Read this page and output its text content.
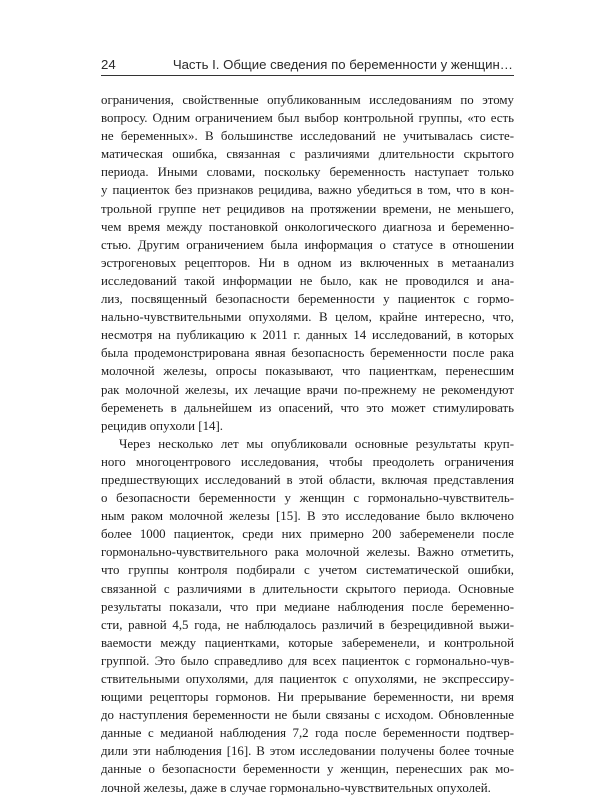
24	Часть I. Общие сведения по беременности у женщин…
ограничения, свойственные опубликованным исследованиям по этому
вопросу. Одним ограничением был выбор контрольной группы, «то есть
не беременных». В большинстве исследований не учитывалась систе-
матическая ошибка, связанная с различиями длительности скрытого
периода. Иными словами, поскольку беременность наступает только
у пациенток без признаков рецидива, важно убедиться в том, что в кон-
трольной группе нет рецидивов на протяжении времени, не меньшего,
чем время между постановкой онкологического диагноза и беременно-
стью. Другим ограничением была информация о статусе в отношении
эстрогеновых рецепторов. Ни в одном из включенных в метаанализ
исследований такой информации не было, как не проводился и ана-
лиз, посвященный безопасности беременности у пациенток с гормо-
нально-чувствительными опухолями. В целом, крайне интересно, что,
несмотря на публикацию к 2011 г. данных 14 исследований, в которых
была продемонстрирована явная безопасность беременности после рака
молочной железы, опросы показывают, что пациенткам, перенесшим
рак молочной железы, их лечащие врачи по-прежнему не рекомендуют
беременеть в дальнейшем из опасений, что это может стимулировать
рецидив опухоли [14].
Через несколько лет мы опубликовали основные результаты круп-
ного многоцентрового исследования, чтобы преодолеть ограничения
предшествующих исследований в этой области, включая представления
о безопасности беременности у женщин с гормонально-чувствитель-
ным раком молочной железы [15]. В это исследование было включено
более 1000 пациенток, среди них примерно 200 забеременели после
гормонально-чувствительного рака молочной железы. Важно отметить,
что группы контроля подбирали с учетом систематической ошибки,
связанной с различиями в длительности скрытого периода. Основные
результаты показали, что при медиане наблюдения после беременно-
сти, равной 4,5 года, не наблюдалось различий в безрецидивной выжи-
ваемости между пациентками, которые забеременели, и контрольной
группой. Это было справедливо для всех пациенток с гормонально-чув-
ствительными опухолями, для пациенток с опухолями, не экспрессиру-
ющими рецепторы гормонов. Ни прерывание беременности, ни время
до наступления беременности не были связаны с исходом. Обновленные
данные с медианой наблюдения 7,2 года после беременности подтвер-
дили эти наблюдения [16]. В этом исследовании получены более точные
данные о безопасности беременности у женщин, перенесших рак мо-
лочной железы, даже в случае гормонально-чувствительных опухолей.
